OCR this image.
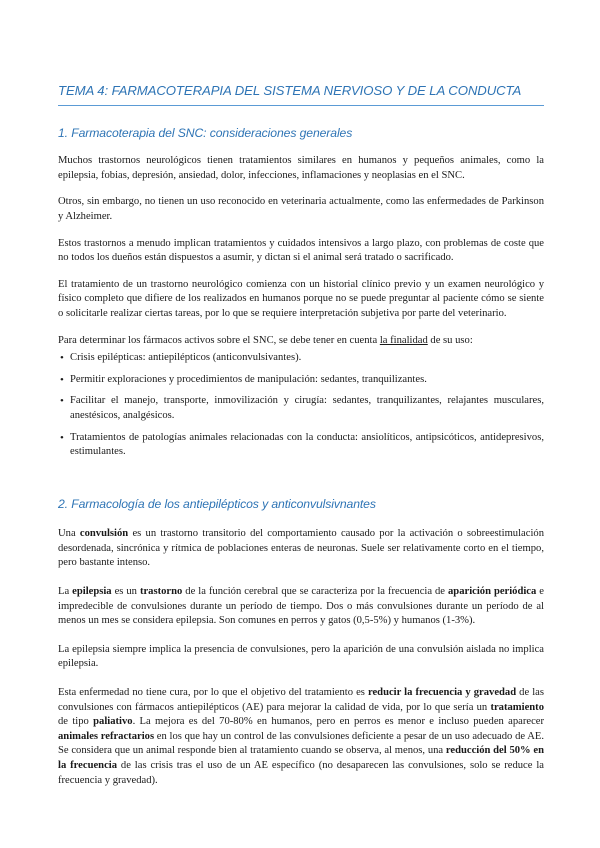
TEMA 4: FARMACOTERAPIA DEL SISTEMA NERVIOSO Y DE LA CONDUCTA
1. Farmacoterapia del SNC: consideraciones generales

Muchos trastornos neurológicos tienen tratamientos similares en humanos y pequeños animales, como la epilepsia, fobias, depresión, ansiedad, dolor, infecciones, inflamaciones y neoplasias en el SNC.

Otros, sin embargo, no tienen un uso reconocido en veterinaria actualmente, como las enfermedades de Parkinson y Alzheimer.

Estos trastornos a menudo implican tratamientos y cuidados intensivos a largo plazo, con problemas de coste que no todos los dueños están dispuestos a asumir, y dictan si el animal será tratado o sacrificado.

El tratamiento de un trastorno neurológico comienza con un historial clínico previo y un examen neurológico y físico completo que difiere de los realizados en humanos porque no se puede preguntar al paciente cómo se siente o solicitarle realizar ciertas tareas, por lo que se requiere interpretación subjetiva por parte del veterinario.

Para determinar los fármacos activos sobre el SNC, se debe tener en cuenta la finalidad de su uso:

• Crisis epilépticas: antiepilépticos (anticonvulsivantes).
• Permitir exploraciones y procedimientos de manipulación: sedantes, tranquilizantes.
• Facilitar el manejo, transporte, inmovilización y cirugía: sedantes, tranquilizantes, relajantes musculares, anestésicos, analgésicos.
• Tratamientos de patologías animales relacionadas con la conducta: ansiolíticos, antipsicóticos, antidepresivos, estimulantes.
2. Farmacología de los antiepilépticos y anticonvulsivnantes

Una convulsión es un trastorno transitorio del comportamiento causado por la activación o sobreestimulación desordenada, sincrónica y rítmica de poblaciones enteras de neuronas. Suele ser relativamente corto en el tiempo, pero bastante intenso.

La epilepsia es un trastorno de la función cerebral que se caracteriza por la frecuencia de aparición periódica e impredecible de convulsiones durante un período de tiempo. Dos o más convulsiones durante un período de al menos un mes se considera epilepsia. Son comunes en perros y gatos (0,5-5%) y humanos (1-3%).

La epilepsia siempre implica la presencia de convulsiones, pero la aparición de una convulsión aislada no implica epilepsia.

Esta enfermedad no tiene cura, por lo que el objetivo del tratamiento es reducir la frecuencia y gravedad de las convulsiones con fármacos antiepilépticos (AE) para mejorar la calidad de vida, por lo que sería un tratamiento de tipo paliativo. La mejora es del 70-80% en humanos, pero en perros es menor e incluso pueden aparecer animales refractarios en los que hay un control de las convulsiones deficiente a pesar de un uso adecuado de AE. Se considera que un animal responde bien al tratamiento cuando se observa, al menos, una reducción del 50% en la frecuencia de las crisis tras el uso de un AE específico (no desaparecen las convulsiones, solo se reduce la frecuencia y gravedad).
